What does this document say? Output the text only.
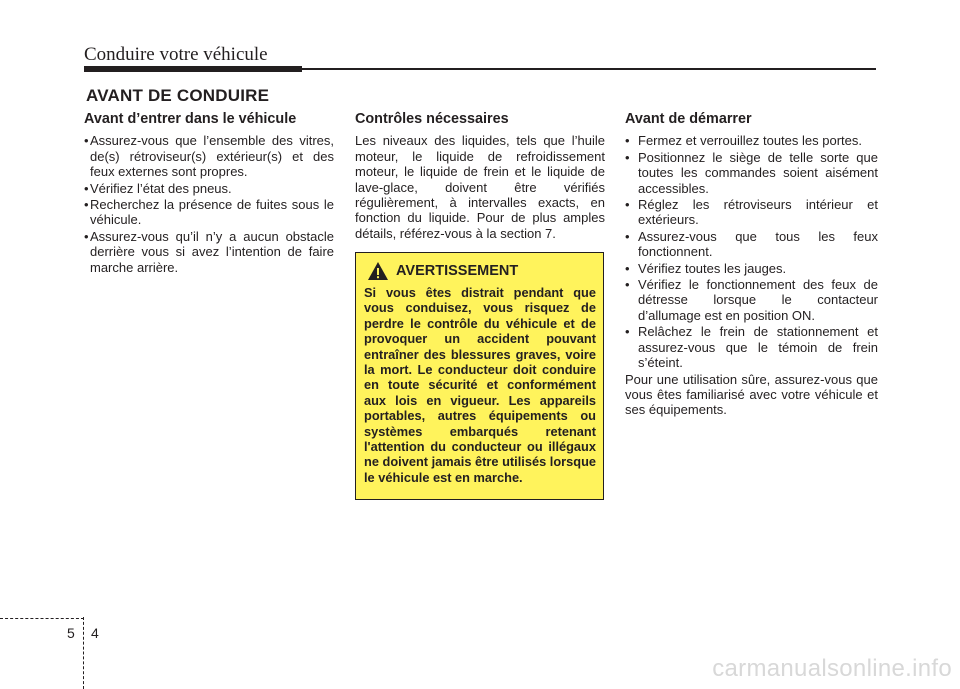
Conduire votre véhicule
AVANT DE CONDUIRE
Avant d’entrer dans le véhicule
• Assurez-vous que l’ensemble des vitres, de(s) rétroviseur(s) extérieur(s) et des feux externes sont propres.
• Vérifiez l’état des pneus.
• Recherchez la présence de fuites sous le véhicule.
• Assurez-vous qu’il n’y a aucun obstacle derrière vous si avez l’intention de faire marche arrière.
Contrôles nécessaires

Les niveaux des liquides, tels que l’huile moteur, le liquide de refroidissement moteur, le liquide de frein et le liquide de lave-glace, doivent être vérifiés régulièrement, à intervalles exacts, en fonction du liquide. Pour de plus amples détails, référez-vous à la section 7.

AVERTISSEMENT

Si vous êtes distrait pendant que vous conduisez, vous risquez de perdre le contrôle du véhicule et de provoquer un accident pouvant entraîner des blessures graves, voire la mort. Le conducteur doit conduire en toute sécurité et conformément aux lois en vigueur. Les appareils portables, autres équipements ou systèmes embarqués retenant l'attention du conducteur ou illégaux ne doivent jamais être utilisés lorsque le véhicule est en marche.

Avant de démarrer
• Fermez et verrouillez toutes les portes.
• Positionnez le siège de telle sorte que toutes les commandes soient aisément accessibles.
• Réglez les rétroviseurs intérieur et extérieurs.
• Assurez-vous que tous les feux fonctionnent.
• Vérifiez toutes les jauges.
• Vérifiez le fonctionnement des feux de détresse lorsque le contacteur d’allumage est en position ON.
• Relâchez le frein de stationnement et assurez-vous que le témoin de frein s’éteint.

Pour une utilisation sûre, assurez-vous que vous êtes familiarisé avec votre véhicule et ses équipements.

5 4
carmanualsonline.info
